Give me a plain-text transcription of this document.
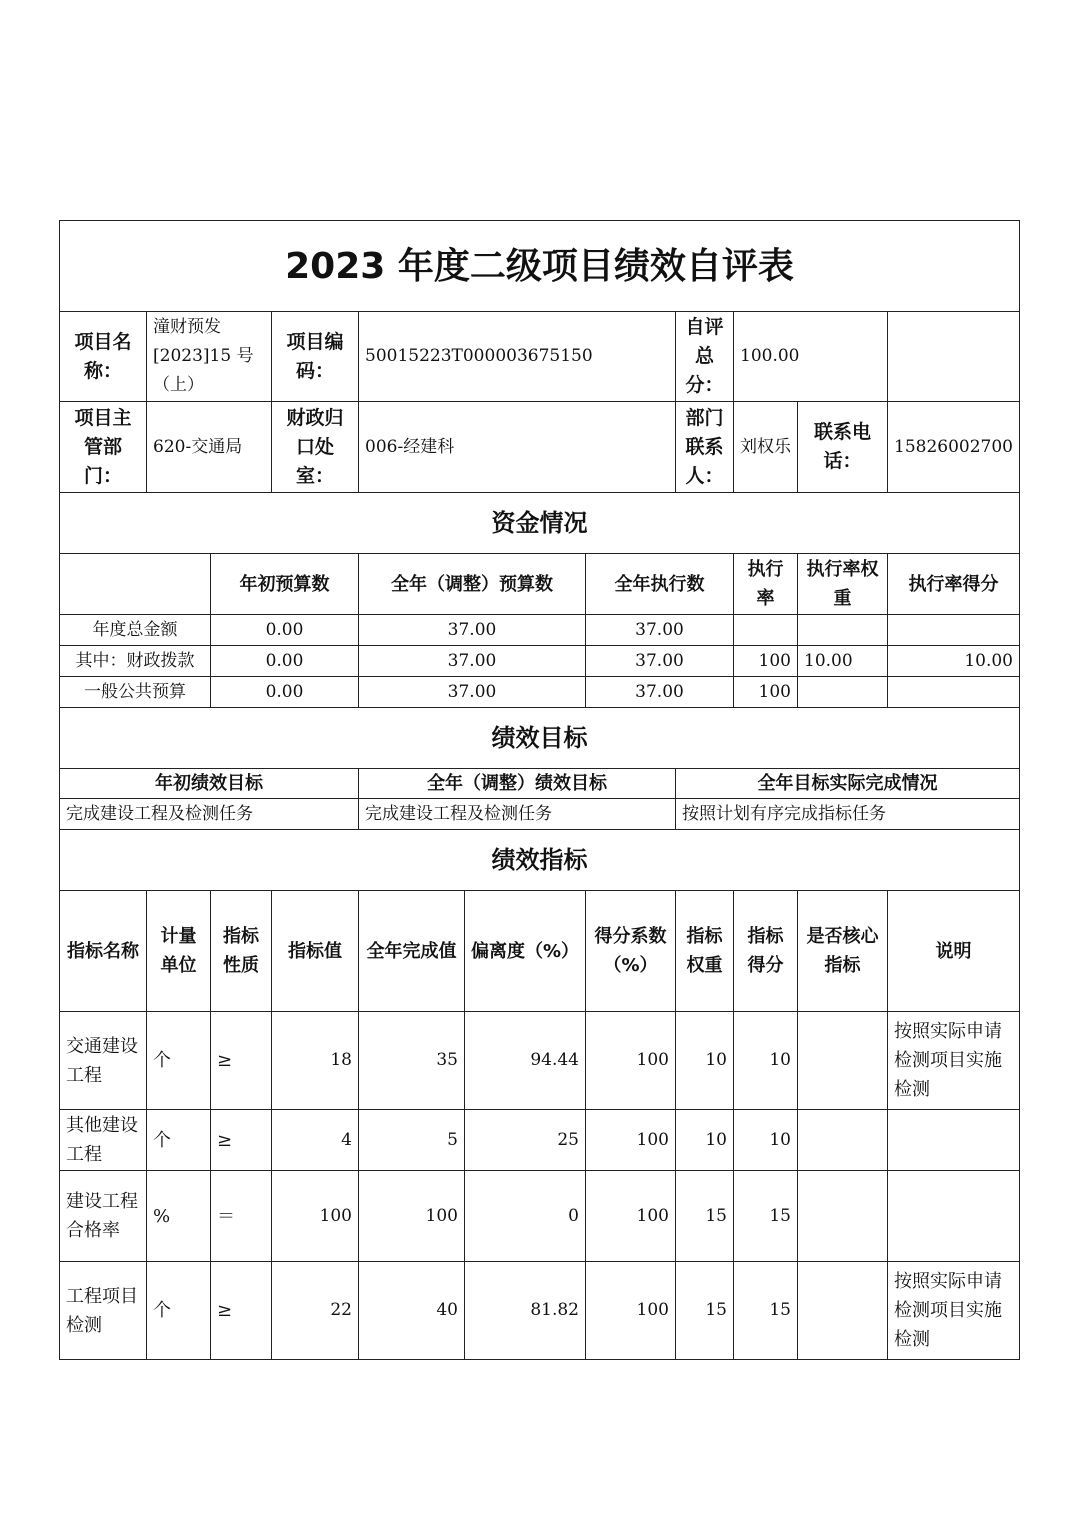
2023 年度二级项目绩效自评表										
项目名称：	潼财预发[2023]15 号（上）		项目编码：	50015223T000003675150			自评总分：	100.00		
项目主管部门：	620-交通局		财政归口处室：	006-经建科			部门联系人：	刘权乐	联系电话：	15826002700
资金情况										
		年初预算数		全年（调整）预算数		全年执行数		执行率	执行率权重	执行率得分
年度总金额		0.00		37.00		37.00				
其中：财政拨款		0.00		37.00		37.00		100	10.00	10.00
一般公共预算		0.00		37.00		37.00		100		
绩效目标										
年初绩效目标				全年（调整）绩效目标			全年目标实际完成情况			
完成建设工程及检测任务				完成建设工程及检测任务			按照计划有序完成指标任务			
绩效指标										
指标名称	计量单位	指标性质	指标值	全年完成值	偏离度（%）	得分系数（%）	指标权重	指标得分	是否核心指标	说明
交通建设工程	个	≥	18	35	94.44	100	10	10		按照实际申请检测项目实施检测
其他建设工程	个	≥	4	5	25	100	10	10		
建设工程合格率	%	＝	100	100	0	100	15	15		
工程项目检测	个	≥	22	40	81.82	100	15	15		按照实际申请检测项目实施检测
